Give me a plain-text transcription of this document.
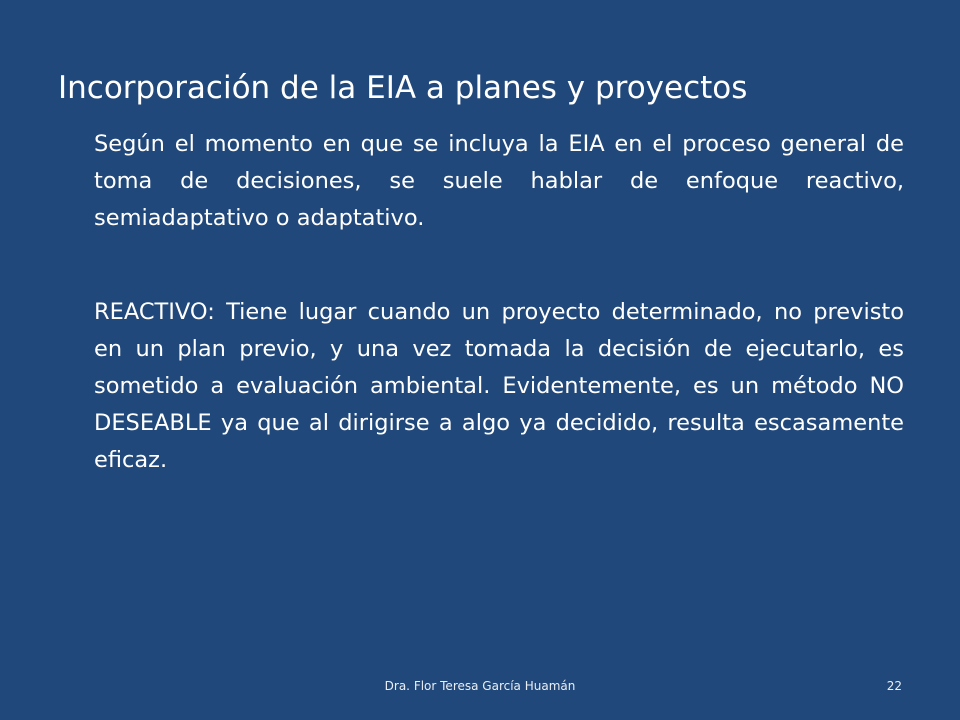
Incorporación de la EIA a planes y proyectos

Según el momento en que se incluya la EIA en el proceso general de toma de decisiones, se suele hablar de enfoque reactivo, semiadaptativo o adaptativo.

REACTIVO: Tiene lugar cuando un proyecto determinado, no previsto en un plan previo, y una vez tomada la decisión de ejecutarlo, es sometido a evaluación ambiental. Evidentemente, es un método NO DESEABLE ya que al dirigirse a algo ya decidido, resulta escasamente eficaz.

Dra. Flor Teresa García Huamán	22
